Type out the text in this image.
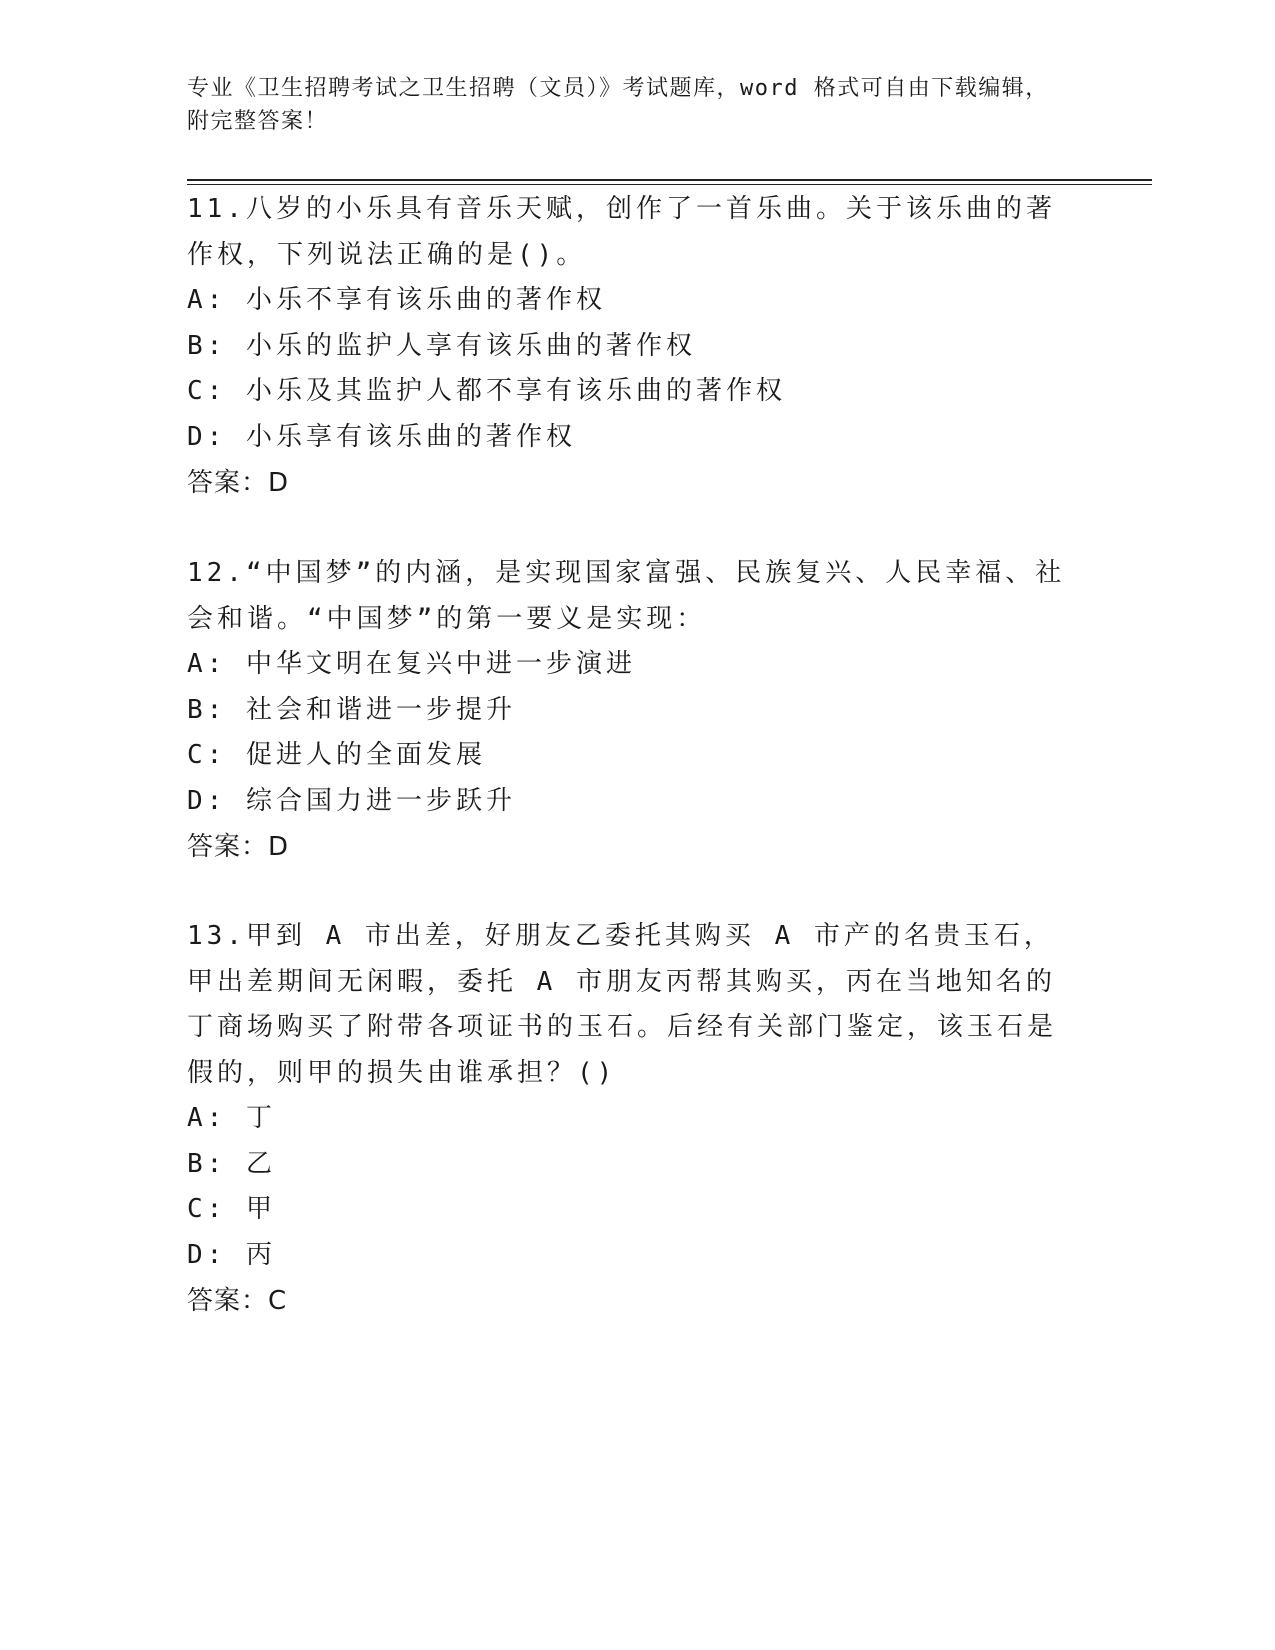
专业《卫生招聘考试之卫生招聘（文员）》考试题库，word 格式可自由下载编辑，附完整答案！
11.八岁的小乐具有音乐天赋，创作了一首乐曲。关于该乐曲的著作权，下列说法正确的是()。
A: 小乐不享有该乐曲的著作权
B: 小乐的监护人享有该乐曲的著作权
C: 小乐及其监护人都不享有该乐曲的著作权
D: 小乐享有该乐曲的著作权
答案：D
12.“中国梦”的内涵，是实现国家富强、民族复兴、人民幸福、社会和谐。“中国梦”的第一要义是实现：
A: 中华文明在复兴中进一步演进
B: 社会和谐进一步提升
C: 促进人的全面发展
D: 综合国力进一步跃升
答案：D
13.甲到 A 市出差，好朋友乙委托其购买 A 市产的名贵玉石，甲出差期间无闲暇，委托 A 市朋友丙帮其购买，丙在当地知名的丁商场购买了附带各项证书的玉石。后经有关部门鉴定，该玉石是假的，则甲的损失由谁承担？()
A: 丁
B: 乙
C: 甲
D: 丙
答案：C
